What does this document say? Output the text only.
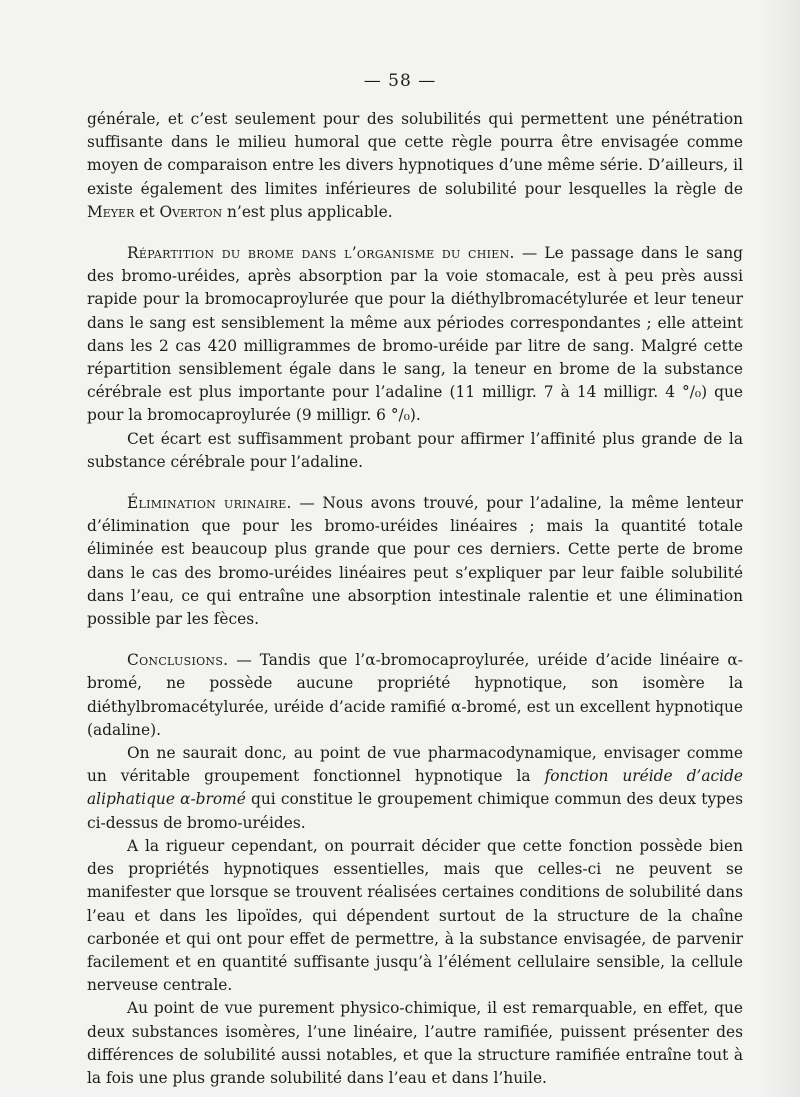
— 58 —

générale, et c’est seulement pour des solubilités qui permettent une pénétration suffisante dans le milieu humoral que cette règle pourra être envisagée comme moyen de comparaison entre les divers hypnotiques d’une même série. D’ailleurs, il existe également des limites inférieures de solubilité pour lesquelles la règle de Meyer et Overton n’est plus applicable.

Répartition du brome dans l’organisme du chien. — Le passage dans le sang des bromo-uréides, après absorption par la voie stomacale, est à peu près aussi rapide pour la bromocaproylurée que pour la diéthylbromacétylurée et leur teneur dans le sang est sensiblement la même aux périodes correspondantes ; elle atteint dans les 2 cas 420 milligrammes de bromo-uréide par litre de sang. Malgré cette répartition sensiblement égale dans le sang, la teneur en brome de la substance cérébrale est plus importante pour l’adaline (11 milligr. 7 à 14 milligr. 4 °/₀) que pour la bromocaproylurée (9 milligr. 6 °/₀).

Cet écart est suffisamment probant pour affirmer l’affinité plus grande de la substance cérébrale pour l’adaline.

Élimination urinaire. — Nous avons trouvé, pour l’adaline, la même lenteur d’élimination que pour les bromo-uréides linéaires ; mais la quantité totale éliminée est beaucoup plus grande que pour ces derniers. Cette perte de brome dans le cas des bromo-uréides linéaires peut s’expliquer par leur faible solubilité dans l’eau, ce qui entraîne une absorption intestinale ralentie et une élimination possible par les fèces.

Conclusions. — Tandis que l’α-bromocaproylurée, uréide d’acide linéaire α-bromé, ne possède aucune propriété hypnotique, son isomère la diéthylbromacétylurée, uréide d’acide ramifié α-bromé, est un excellent hypnotique (adaline).

On ne saurait donc, au point de vue pharmacodynamique, envisager comme un véritable groupement fonctionnel hypnotique la fonction uréide d’acide aliphatique α-bromé qui constitue le groupement chimique commun des deux types ci-dessus de bromo-uréides.

A la rigueur cependant, on pourrait décider que cette fonction possède bien des propriétés hypnotiques essentielles, mais que celles-ci ne peuvent se manifester que lorsque se trouvent réalisées certaines conditions de solubilité dans l’eau et dans les lipoïdes, qui dépendent surtout de la structure de la chaîne carbonée et qui ont pour effet de permettre, à la substance envisagée, de parvenir facilement et en quantité suffisante jusqu’à l’élément cellulaire sensible, la cellule nerveuse centrale.

Au point de vue purement physico-chimique, il est remarquable, en effet, que deux substances isomères, l’une linéaire, l’autre ramifiée, puissent présenter des différences de solubilité aussi notables, et que la structure ramifiée entraîne tout à la fois une plus grande solubilité dans l’eau et dans l’huile.
